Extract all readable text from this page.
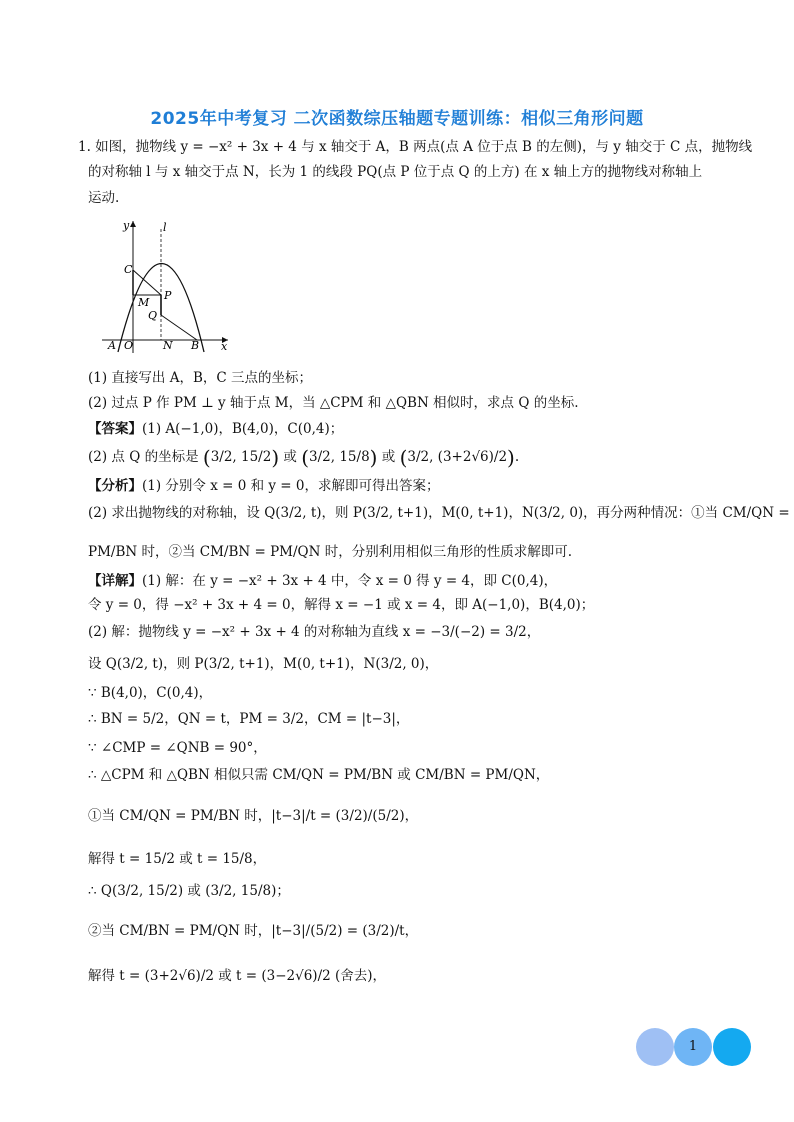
2025年中考复习 二次函数综压轴题专题训练：相似三角形问题
1. 如图，抛物线 y = −x² + 3x + 4 与 x 轴交于 A，B 两点(点 A 位于点 B 的左侧)，与 y 轴交于 C 点，抛物线
的对称轴 l 与 x 轴交于点 N，长为 1 的线段 PQ(点 P 位于点 Q 的上方) 在 x 轴上方的抛物线对称轴上
运动.
y	l
C
M
P
Q
A O	N B x
(1) 直接写出 A，B，C 三点的坐标；
(2) 过点 P 作 PM ⊥ y 轴于点 M，当 △CPM 和 △QBN 相似时，求点 Q 的坐标.
【答案】(1) A(−1,0)，B(4,0)，C(0,4)；
(2) 点 Q 的坐标是 (3/2, 15/2) 或 (3/2, 15/8) 或 (3/2, (3+2√6)/2).
【分析】(1) 分别令 x = 0 和 y = 0，求解即可得出答案；
(2) 求出抛物线的对称轴，设 Q(3/2, t)，则 P(3/2, t+1)，M(0, t+1)，N(3/2, 0)，再分两种情况：①当 CM/QN =
PM/BN 时，②当 CM/BN = PM/QN 时，分别利用相似三角形的性质求解即可.
【详解】(1) 解：在 y = −x² + 3x + 4 中，令 x = 0 得 y = 4，即 C(0,4)，
令 y = 0，得 −x² + 3x + 4 = 0，解得 x = −1 或 x = 4，即 A(−1,0)，B(4,0)；
(2) 解：抛物线 y = −x² + 3x + 4 的对称轴为直线 x = −3/(−2) = 3/2，
设 Q(3/2, t)，则 P(3/2, t+1)，M(0, t+1)，N(3/2, 0)，
∵ B(4,0)，C(0,4)，
∴ BN = 5/2，QN = t，PM = 3/2，CM = |t−3|，
∵ ∠CMP = ∠QNB = 90°，
∴ △CPM 和 △QBN 相似只需 CM/QN = PM/BN 或 CM/BN = PM/QN，
①当 CM/QN = PM/BN 时，|t−3|/t = (3/2)/(5/2)，
解得 t = 15/2 或 t = 15/8，
∴ Q(3/2, 15/2) 或 (3/2, 15/8)；
②当 CM/BN = PM/QN 时，|t−3|/(5/2) = (3/2)/t，
解得 t = (3+2√6)/2 或 t = (3−2√6)/2 (舍去)，
1
